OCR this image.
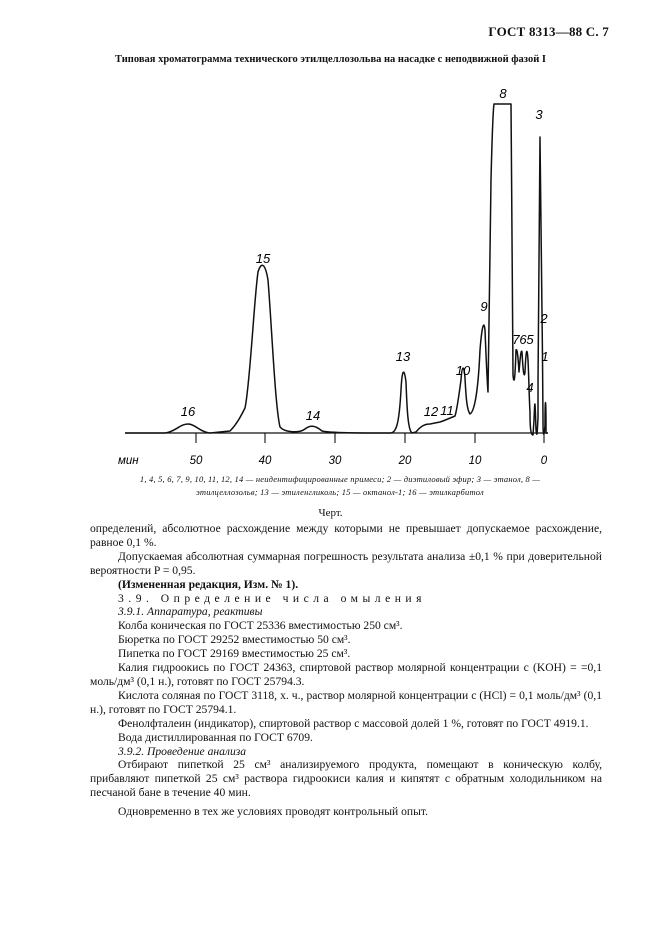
ГОСТ 8313—88 С. 7
Типовая хроматограмма технического этилцеллозольва на насадке с неподвижной фазой I
мин	50	40	30	20	10	0
16
15
14
13
12 11
10
9
8
7 6 5
4
3
2
1
1, 4, 5, 6, 7, 9, 10, 11, 12, 14 — неидентифицированные примеси; 2 — диэтиловый эфир; 3 — этанол, 8 — этилцеллозольв; 13 — этиленгликоль; 15 — октанол-1; 16 — этилкарбитол
Черт.

определений, абсолютное расхождение между которыми не превышает допускаемое расхождение, равное 0,1 %.

Допускаемая абсолютная суммарная погрешность результата анализа ±0,1 % при доверительной вероятности P = 0,95.

(Измененная редакция, Изм. № 1).

3.9. Определение числа омыления

3.9.1. Аппаратура, реактивы

Колба коническая по ГОСТ 25336 вместимостью 250 см³.

Бюретка по ГОСТ 29252 вместимостью 50 см³.

Пипетка по ГОСТ 29169 вместимостью 25 см³.

Калия гидроокись по ГОСТ 24363, спиртовой раствор молярной концентрации c (KOH) = =0,1 моль/дм³ (0,1 н.), готовят по ГОСТ 25794.3.

Кислота соляная по ГОСТ 3118, х. ч., раствор молярной концентрации c (HCl) = 0,1 моль/дм³ (0,1 н.), готовят по ГОСТ 25794.1.

Фенолфталеин (индикатор), спиртовой раствор с массовой долей 1 %, готовят по ГОСТ 4919.1.

Вода дистиллированная по ГОСТ 6709.

3.9.2. Проведение анализа

Отбирают пипеткой 25 см³ анализируемого продукта, помещают в коническую колбу, прибавляют пипеткой 25 см³ раствора гидроокиси калия и кипятят с обратным холодильником на песчаной бане в течение 40 мин.

Одновременно в тех же условиях проводят контрольный опыт.
